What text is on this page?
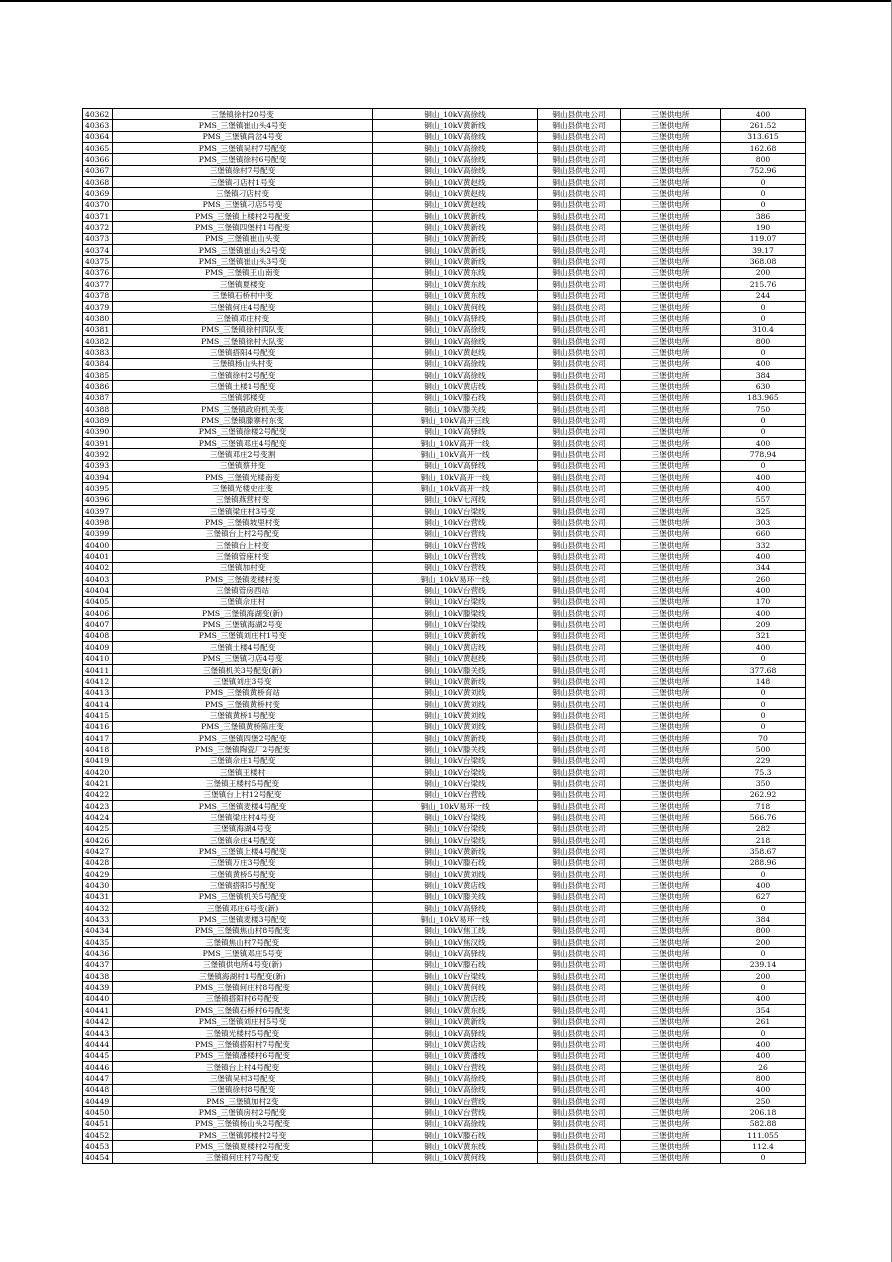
40362	三堡镇徐村20号变	铜山_10kV高徐线	铜山县供电公司	三堡供电所	400
40363	PMS_三堡镇崔山头4号变	铜山_10kV黄新线	铜山县供电公司	三堡供电所	261.52
40364	PMS_三堡镇尚岔4号变	铜山_10kV高徐线	铜山县供电公司	三堡供电所	313.615
40365	PMS_三堡镇吴村7号配变	铜山_10kV高徐线	铜山县供电公司	三堡供电所	162.68
40366	PMS_三堡镇徐村6号配变	铜山_10kV高徐线	铜山县供电公司	三堡供电所	800
40367	三堡镇徐村7号配变	铜山_10kV高徐线	铜山县供电公司	三堡供电所	752.96
40368	三堡镇刁店村1号变	铜山_10kV黄赵线	铜山县供电公司	三堡供电所	0
40369	三堡镇刁店村变	铜山_10kV黄赵线	铜山县供电公司	三堡供电所	0
40370	PMS_三堡镇刁店5号变	铜山_10kV黄赵线	铜山县供电公司	三堡供电所	0
40371	PMS_三堡镇上楼村2号配变	铜山_10kV黄新线	铜山县供电公司	三堡供电所	386
40372	PMS_三堡镇四堡村1号配变	铜山_10kV黄新线	铜山县供电公司	三堡供电所	190
40373	PMS_三堡镇崔山头变	铜山_10kV黄新线	铜山县供电公司	三堡供电所	119.07
40374	PMS_三堡镇崔山头2号变	铜山_10kV黄新线	铜山县供电公司	三堡供电所	39.17
40375	PMS_三堡镇崔山头3号变	铜山_10kV黄新线	铜山县供电公司	三堡供电所	368.08
40376	PMS_三堡镇王山南变	铜山_10kV黄东线	铜山县供电公司	三堡供电所	200
40377	三堡镇夏楼变	铜山_10kV黄东线	铜山县供电公司	三堡供电所	215.76
40378	三堡镇石桥村中变	铜山_10kV黄东线	铜山县供电公司	三堡供电所	244
40379	三堡镇何庄4号配变	铜山_10kV黄何线	铜山县供电公司	三堡供电所	0
40380	三堡镇邓庄村变	铜山_10kV高驿线	铜山县供电公司	三堡供电所	0
40381	PMS_三堡镇徐村四队变	铜山_10kV高徐线	铜山县供电公司	三堡供电所	310.4
40382	PMS_三堡镇徐村大队变	铜山_10kV高徐线	铜山县供电公司	三堡供电所	800
40383	三堡镇搭阳4号配变	铜山_10kV黄赵线	铜山县供电公司	三堡供电所	0
40384	三堡镇杨山头村变	铜山_10kV高徐线	铜山县供电公司	三堡供电所	400
40385	三堡镇徐村2号配变	铜山_10kV高徐线	铜山县供电公司	三堡供电所	384
40386	三堡镇土楼1号配变	铜山_10kV黄店线	铜山县供电公司	三堡供电所	630
40387	三堡镇郭楼变	铜山_10kV滕石线	铜山县供电公司	三堡供电所	183.965
40388	PMS_三堡镇政府机关变	铜山_10kV滕关线	铜山县供电公司	三堡供电所	750
40389	PMS_三堡镇滕寨村东变	铜山_10kV高开三线	铜山县供电公司	三堡供电所	0
40390	PMS_三堡镇徐楼2号配变	铜山_10kV高驿线	铜山县供电公司	三堡供电所	0
40391	PMS_三堡镇邓庄4号配变	铜山_10kV高开一线	铜山县供电公司	三堡供电所	400
40392	三堡镇邓庄2号变割	铜山_10kV高开一线	铜山县供电公司	三堡供电所	778.94
40393	三堡镇蔡井变	铜山_10kV高驿线	铜山县供电公司	三堡供电所	0
40394	PMS_三堡镇光楼南变	铜山_10kV高开一线	铜山县供电公司	三堡供电所	400
40395	三堡镇光楼史庄变	铜山_10kV高开一线	铜山县供电公司	三堡供电所	400
40396	三堡镇燕营村变	铜山_10kV七河线	铜山县供电公司	三堡供电所	557
40397	三堡镇梁庄村3号变	铜山_10kV台梁线	铜山县供电公司	三堡供电所	325
40398	PMS_三堡镇坡里村变	铜山_10kV台营线	铜山县供电公司	三堡供电所	303
40399	三堡镇台上村2号配变	铜山_10kV台营线	铜山县供电公司	三堡供电所	660
40400	三堡镇台上村变	铜山_10kV台营线	铜山县供电公司	三堡供电所	332
40401	三堡镇管座村变	铜山_10kV台营线	铜山县供电公司	三堡供电所	400
40402	三堡镇加村变	铜山_10kV台营线	铜山县供电公司	三堡供电所	344
40403	PMS_三堡镇麦楼村变	铜山_10kV易环一线	铜山县供电公司	三堡供电所	260
40404	三堡镇管房西站	铜山_10kV台营线	铜山县供电公司	三堡供电所	400
40405	三堡镇佘庄村	铜山_10kV台梁线	铜山县供电公司	三堡供电所	170
40406	PMS_三堡镇海湖变(新)	铜山_10kV滕梁线	铜山县供电公司	三堡供电所	400
40407	PMS_三堡镇海湖2号变	铜山_10kV台梁线	铜山县供电公司	三堡供电所	209
40408	PMS_三堡镇刘庄村1号变	铜山_10kV黄新线	铜山县供电公司	三堡供电所	321
40409	三堡镇土楼4号配变	铜山_10kV黄店线	铜山县供电公司	三堡供电所	400
40410	PMS_三堡镇刁店4号变	铜山_10kV黄赵线	铜山县供电公司	三堡供电所	0
40411	三堡镇机关3号配变(新)	铜山_10kV滕关线	铜山县供电公司	三堡供电所	377.68
40412	三堡镇刘庄3号变	铜山_10kV黄新线	铜山县供电公司	三堡供电所	148
40413	PMS_三堡镇黄桥育站	铜山_10kV黄刘线	铜山县供电公司	三堡供电所	0
40414	PMS_三堡镇黄桥村变	铜山_10kV黄刘线	铜山县供电公司	三堡供电所	0
40415	三堡镇黄桥1号配变	铜山_10kV黄刘线	铜山县供电公司	三堡供电所	0
40416	PMS_三堡镇黄桥陈庄变	铜山_10kV黄刘线	铜山县供电公司	三堡供电所	0
40417	PMS_三堡镇四堡2号配变	铜山_10kV黄新线	铜山县供电公司	三堡供电所	70
40418	PMS_三堡镇陶瓷厂2号配变	铜山_10kV滕关线	铜山县供电公司	三堡供电所	500
40419	三堡镇佘庄1号配变	铜山_10kV台梁线	铜山县供电公司	三堡供电所	229
40420	三堡镇王楼村	铜山_10kV台梁线	铜山县供电公司	三堡供电所	75.3
40421	三堡镇王楼村5号配变	铜山_10kV台梁线	铜山县供电公司	三堡供电所	350
40422	三堡镇台上村12号配变	铜山_10kV台营线	铜山县供电公司	三堡供电所	262.92
40423	PMS_三堡镇麦楼4号配变	铜山_10kV易环一线	铜山县供电公司	三堡供电所	718
40424	三堡镇梁庄村4号变	铜山_10kV台梁线	铜山县供电公司	三堡供电所	566.76
40425	三堡镇海湖4号变	铜山_10kV台梁线	铜山县供电公司	三堡供电所	282
40426	三堡镇佘庄4号配变	铜山_10kV台梁线	铜山县供电公司	三堡供电所	218
40427	PMS_三堡镇上楼4号配变	铜山_10kV黄新线	铜山县供电公司	三堡供电所	358.67
40428	三堡镇万庄3号配变	铜山_10kV滕石线	铜山县供电公司	三堡供电所	288.96
40429	三堡镇黄桥5号配变	铜山_10kV黄刘线	铜山县供电公司	三堡供电所	0
40430	三堡镇搭阳5号配变	铜山_10kV黄店线	铜山县供电公司	三堡供电所	400
40431	PMS_三堡镇机关5号配变	铜山_10kV滕关线	铜山县供电公司	三堡供电所	627
40432	三堡镇邓庄6号变(新)	铜山_10kV高驿线	铜山县供电公司	三堡供电所	0
40433	PMS_三堡镇麦楼3号配变	铜山_10kV易环一线	铜山县供电公司	三堡供电所	384
40434	PMS_三堡镇焦山村8号配变	铜山_10kV焦工线	铜山县供电公司	三堡供电所	800
40435	三堡镇焦山村7号配变	铜山_10kV焦汉线	铜山县供电公司	三堡供电所	200
40436	PMS_三堡镇邓庄5号变	铜山_10kV高驿线	铜山县供电公司	三堡供电所	0
40437	三堡镇供电所4号变(新)	铜山_10kV滕石线	铜山县供电公司	三堡供电所	239.14
40438	三堡镇海湖村1号配变(新)	铜山_10kV台梁线	铜山县供电公司	三堡供电所	200
40439	PMS_三堡镇何庄村8号配变	铜山_10kV黄何线	铜山县供电公司	三堡供电所	0
40440	三堡镇搭阳村6号配变	铜山_10kV黄店线	铜山县供电公司	三堡供电所	400
40441	PMS_三堡镇石桥村6号配变	铜山_10kV黄东线	铜山县供电公司	三堡供电所	354
40442	PMS_三堡镇刘庄村5号变	铜山_10kV黄新线	铜山县供电公司	三堡供电所	261
40443	三堡镇光楼村5号配变	铜山_10kV高驿线	铜山县供电公司	三堡供电所	0
40444	PMS_三堡镇搭阳村7号配变	铜山_10kV黄店线	铜山县供电公司	三堡供电所	400
40445	PMS_三堡镇潘楼村6号配变	铜山_10kV黄潘线	铜山县供电公司	三堡供电所	400
40446	三堡镇台上村4号配变	铜山_10kV台营线	铜山县供电公司	三堡供电所	26
40447	三堡镇吴村3号配变	铜山_10kV高徐线	铜山县供电公司	三堡供电所	800
40448	三堡镇徐村8号配变	铜山_10kV高徐线	铜山县供电公司	三堡供电所	400
40449	PMS_三堡镇加村2变	铜山_10kV台营线	铜山县供电公司	三堡供电所	250
40450	PMS_三堡镇房村2号配变	铜山_10kV台营线	铜山县供电公司	三堡供电所	206.18
40451	PMS_三堡镇杨山头2号配变	铜山_10kV高徐线	铜山县供电公司	三堡供电所	582.88
40452	PMS_三堡镇郭楼村2号变	铜山_10kV滕石线	铜山县供电公司	三堡供电所	111.055
40453	PMS_三堡镇夏楼村2号配变	铜山_10kV黄东线	铜山县供电公司	三堡供电所	112.4
40454	三堡镇何庄村7号配变	铜山_10kV黄何线	铜山县供电公司	三堡供电所	0
